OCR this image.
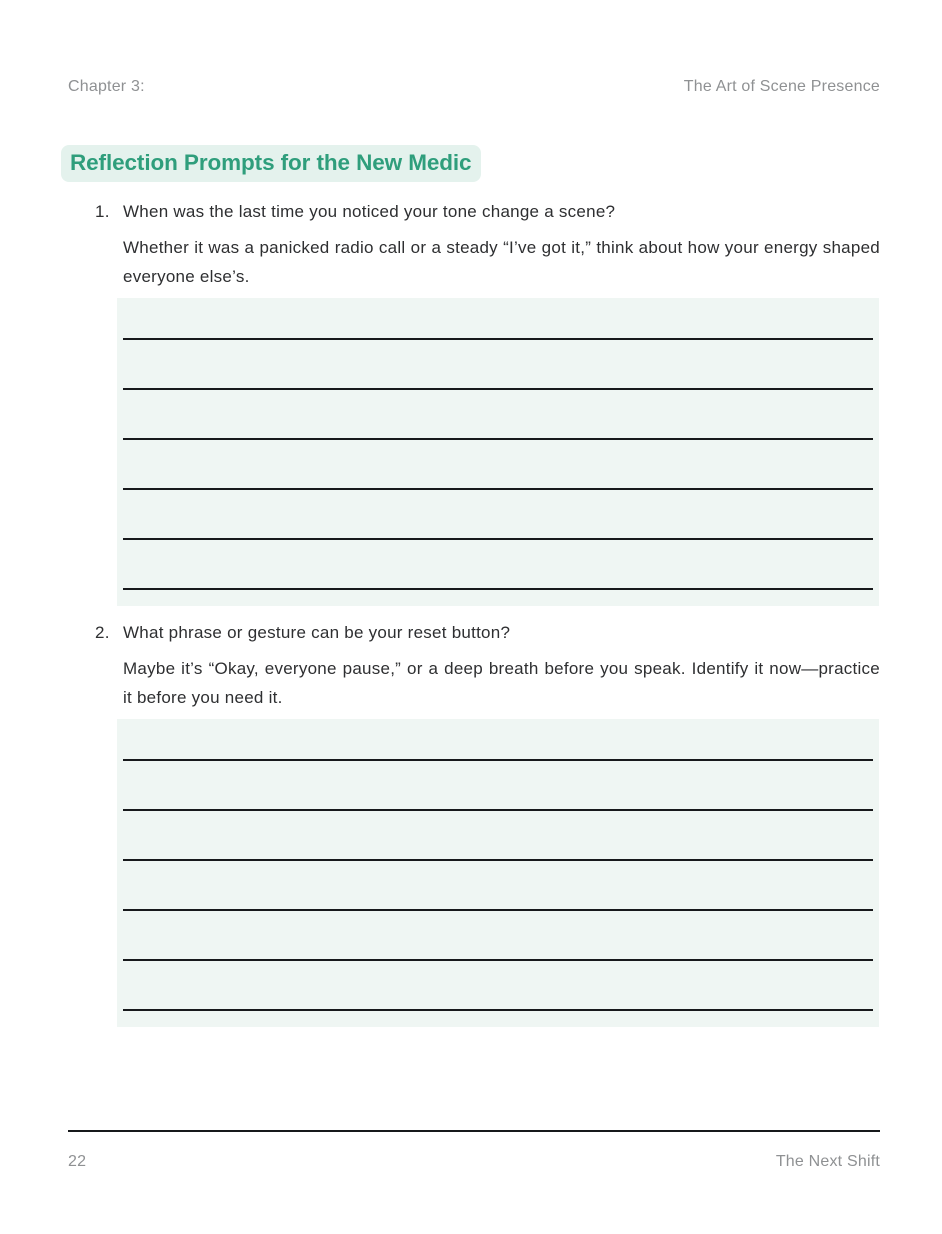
Chapter 3:	The Art of Scene Presence
Reflection Prompts for the New Medic
1. When was the last time you noticed your tone change a scene?

Whether it was a panicked radio call or a steady “I’ve got it,” think about how your energy shaped everyone else’s.

2. What phrase or gesture can be your reset button?

Maybe it’s “Okay, everyone pause,” or a deep breath before you speak. Identify it now—practice it before you need it.

22	The Next Shift
